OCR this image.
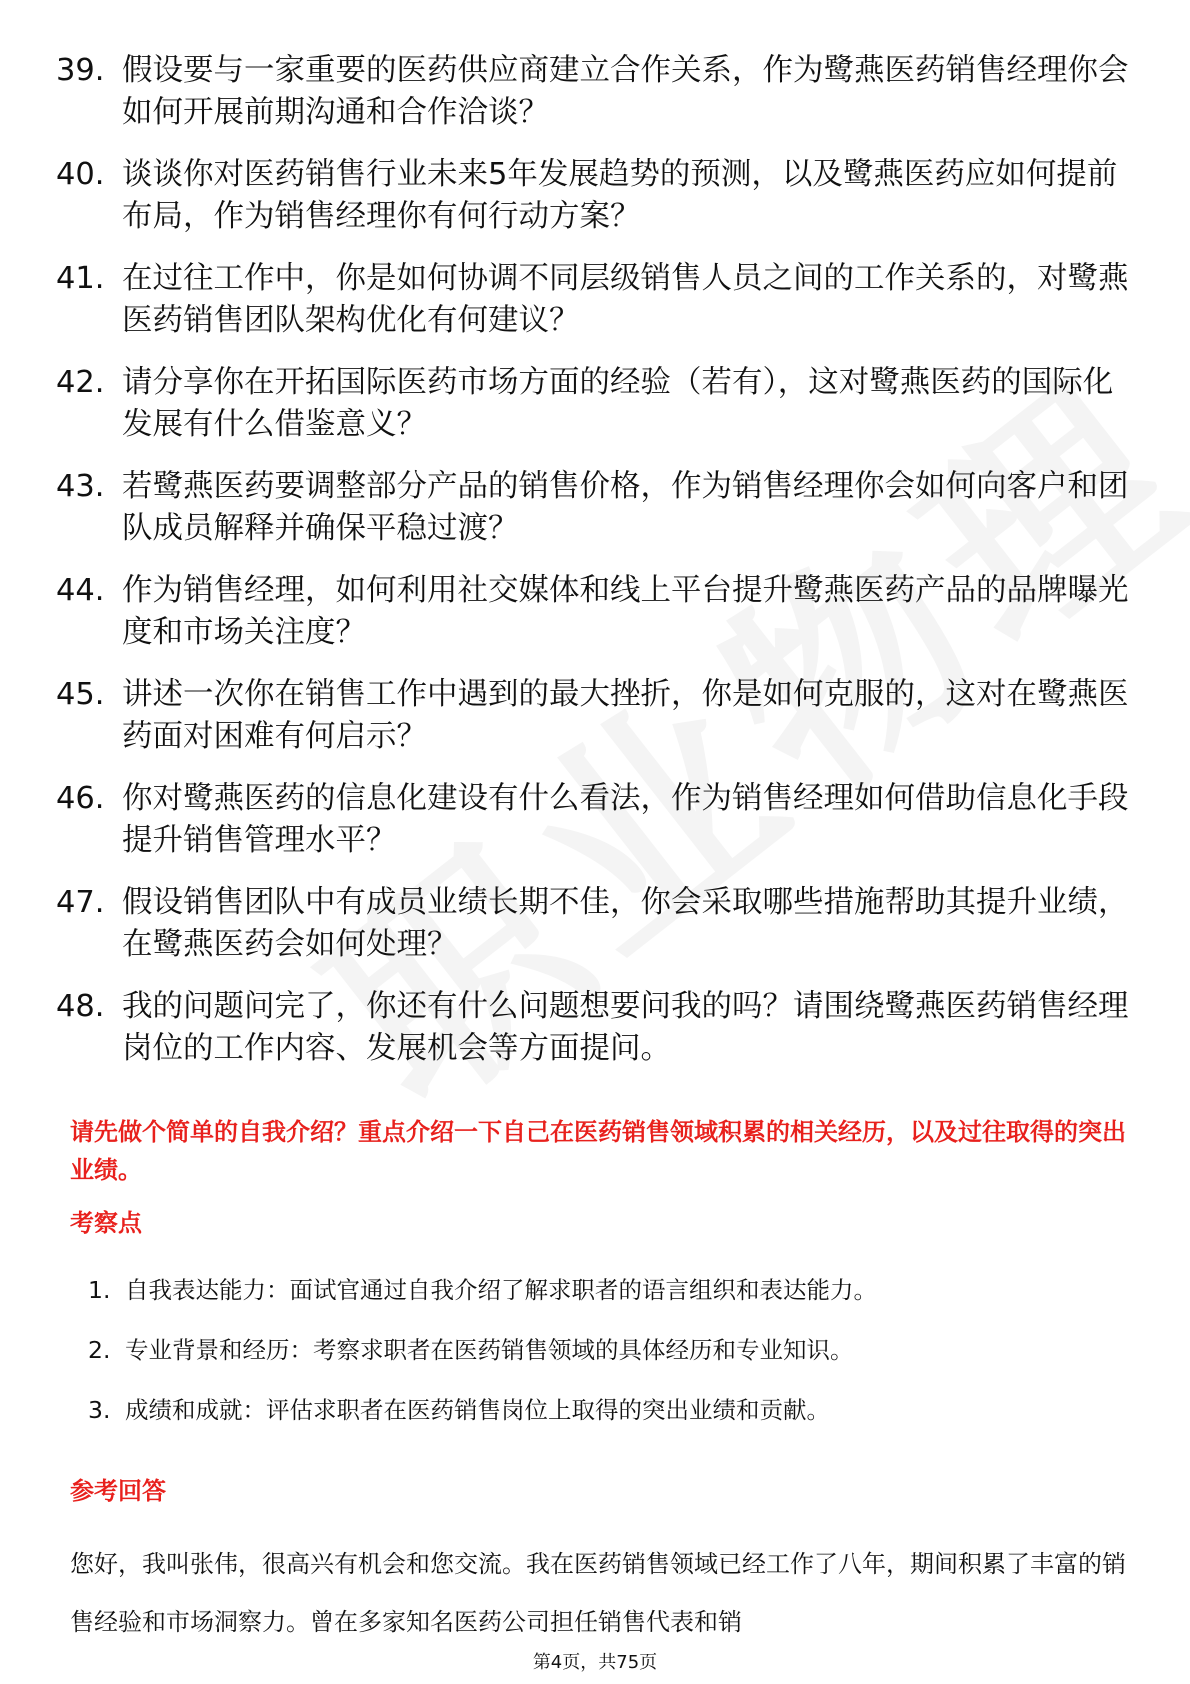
39. 假设要与一家重要的医药供应商建立合作关系，作为鹭燕医药销售经理你会如何开展前期沟通和合作洽谈？
40. 谈谈你对医药销售行业未来5年发展趋势的预测，以及鹭燕医药应如何提前布局，作为销售经理你有何行动方案？
41. 在过往工作中，你是如何协调不同层级销售人员之间的工作关系的，对鹭燕医药销售团队架构优化有何建议？
42. 请分享你在开拓国际医药市场方面的经验（若有），这对鹭燕医药的国际化发展有什么借鉴意义？
43. 若鹭燕医药要调整部分产品的销售价格，作为销售经理你会如何向客户和团队成员解释并确保平稳过渡？
44. 作为销售经理，如何利用社交媒体和线上平台提升鹭燕医药产品的品牌曝光度和市场关注度？
45. 讲述一次你在销售工作中遇到的最大挫折，你是如何克服的，这对在鹭燕医药面对困难有何启示？
46. 你对鹭燕医药的信息化建设有什么看法，作为销售经理如何借助信息化手段提升销售管理水平？
47. 假设销售团队中有成员业绩长期不佳，你会采取哪些措施帮助其提升业绩，在鹭燕医药会如何处理？
48. 我的问题问完了，你还有什么问题想要问我的吗？请围绕鹭燕医药销售经理岗位的工作内容、发展机会等方面提问。
请先做个简单的自我介绍？重点介绍一下自己在医药销售领域积累的相关经历，以及过往取得的突出业绩。
考察点
1. 自我表达能力：面试官通过自我介绍了解求职者的语言组织和表达能力。
2. 专业背景和经历：考察求职者在医药销售领域的具体经历和专业知识。
3. 成绩和成就：评估求职者在医药销售岗位上取得的突出业绩和贡献。
参考回答

您好，我叫张伟，很高兴有机会和您交流。我在医药销售领域已经工作了八年，期间积累了丰富的销售经验和市场洞察力。曾在多家知名医药公司担任销售代表和销

第4页，共75页
